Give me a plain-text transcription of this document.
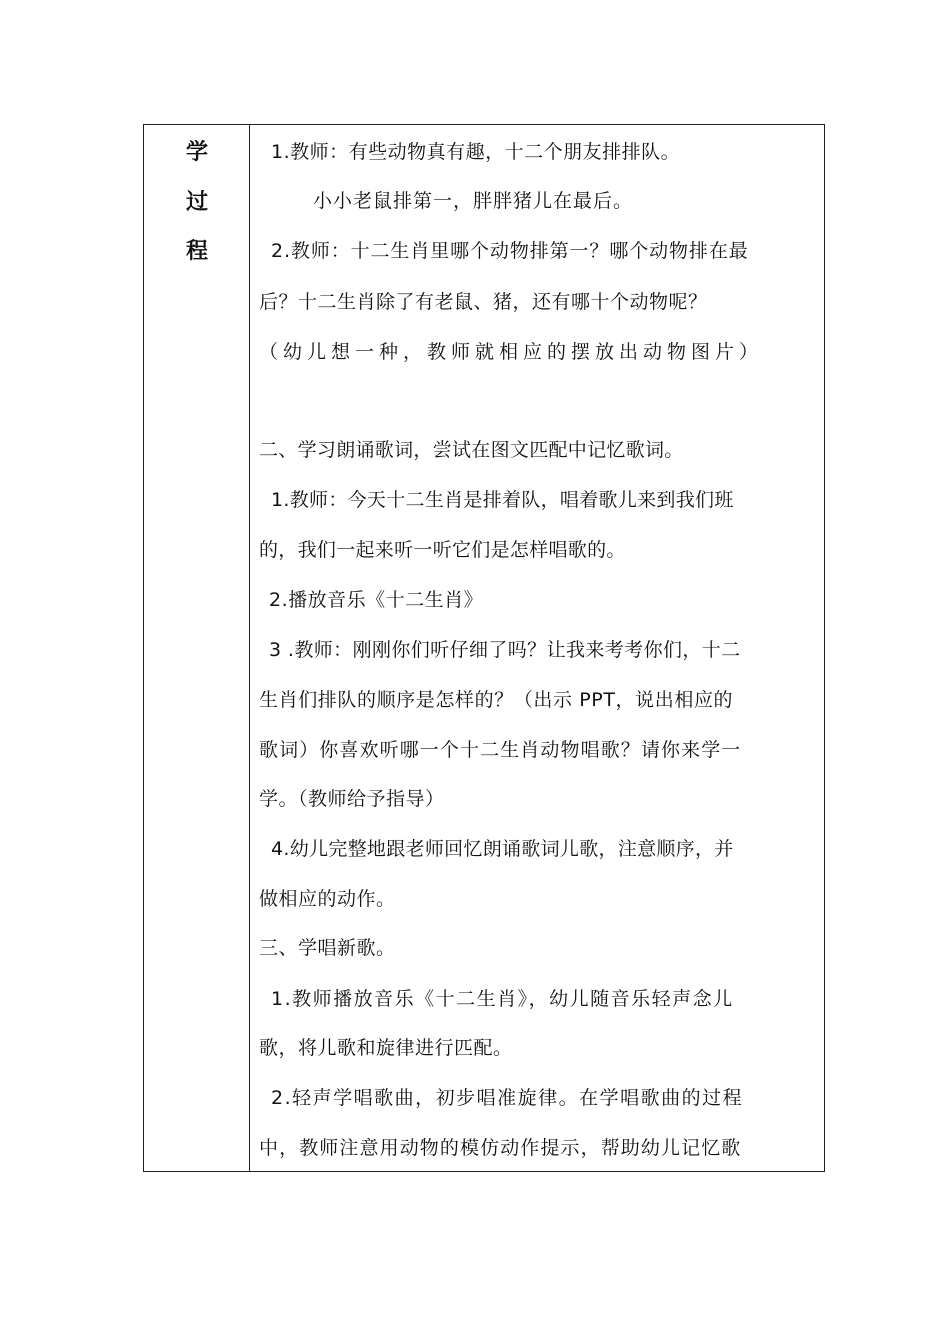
学
过
程
1.教师：有些动物真有趣，十二个朋友排排队。
小小老鼠排第一，胖胖猪儿在最后。
2.教师：十二生肖里哪个动物排第一？哪个动物排在最
后？十二生肖除了有老鼠、猪，还有哪十个动物呢？
（幼儿想一种，教师就相应的摆放出动物图片）
二、学习朗诵歌词，尝试在图文匹配中记忆歌词。
1.教师：今天十二生肖是排着队，唱着歌儿来到我们班
的，我们一起来听一听它们是怎样唱歌的。
2.播放音乐《十二生肖》
3 .教师：刚刚你们听仔细了吗？让我来考考你们，十二
生肖们排队的顺序是怎样的？（出示 PPT，说出相应的
歌词）你喜欢听哪一个十二生肖动物唱歌？请你来学一
学。（教师给予指导）
4.幼儿完整地跟老师回忆朗诵歌词儿歌，注意顺序，并
做相应的动作。
三、学唱新歌。
1.教师播放音乐《十二生肖》，幼儿随音乐轻声念儿
歌，将儿歌和旋律进行匹配。
2.轻声学唱歌曲，初步唱准旋律。在学唱歌曲的过程
中，教师注意用动物的模仿动作提示，帮助幼儿记忆歌
